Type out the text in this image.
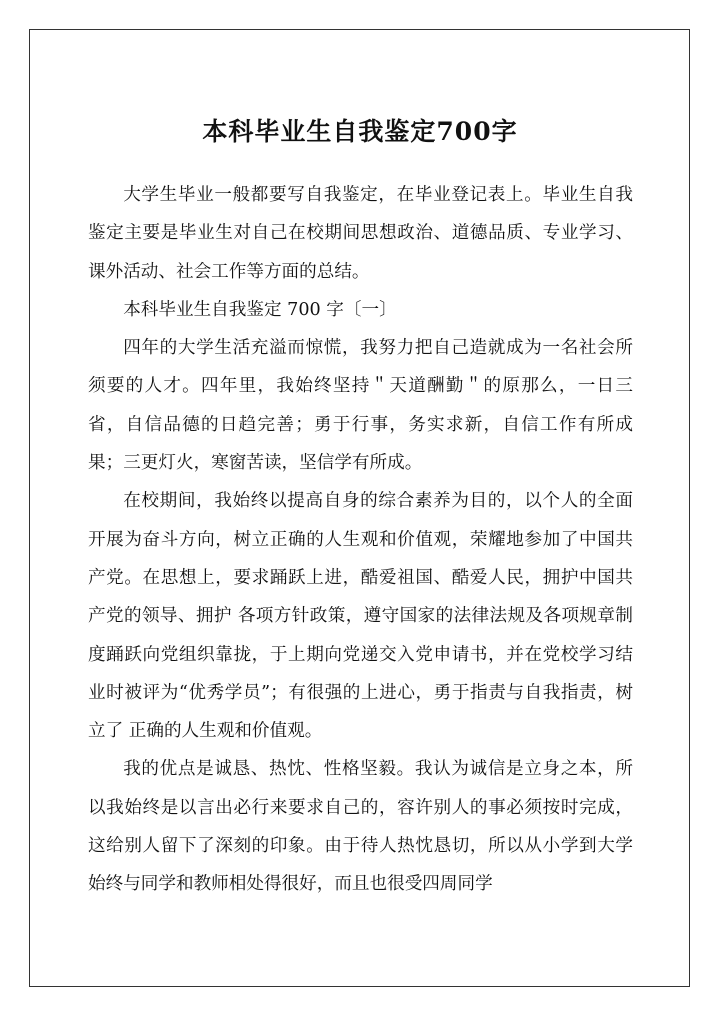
本科毕业生自我鉴定700字

大学生毕业一般都要写自我鉴定，在毕业登记表上。毕业生自我鉴定主要是毕业生对自己在校期间思想政治、道德品质、专业学习、课外活动、社会工作等方面的总结。

本科毕业生自我鉴定 700 字〔一〕

四年的大学生活充溢而惊慌，我努力把自己造就成为一名社会所须要的人才。四年里，我始终坚持＂天道酬勤＂的原那么，一日三省，自信品德的日趋完善；勇于行事，务实求新，自信工作有所成果；三更灯火，寒窗苦读，坚信学有所成。

在校期间，我始终以提高自身的综合素养为目的，以个人的全面开展为奋斗方向，树立正确的人生观和价值观，荣耀地参加了中国共产党。在思想上，要求踊跃上进，酷爱祖国、酷爱人民，拥护中国共产党的领导、拥护 各项方针政策，遵守国家的法律法规及各项规章制度踊跃向党组织靠拢，于上期向党递交入党申请书，并在党校学习结业时被评为“优秀学员”；有很强的上进心，勇于指责与自我指责，树立了 正确的人生观和价值观。

我的优点是诚恳、热忱、性格坚毅。我认为诚信是立身之本，所以我始终是以言出必行来要求自己的，容许别人的事必须按时完成，这给别人留下了深刻的印象。由于待人热忱恳切，所以从小学到大学始终与同学和教师相处得很好，而且也很受四周同学
